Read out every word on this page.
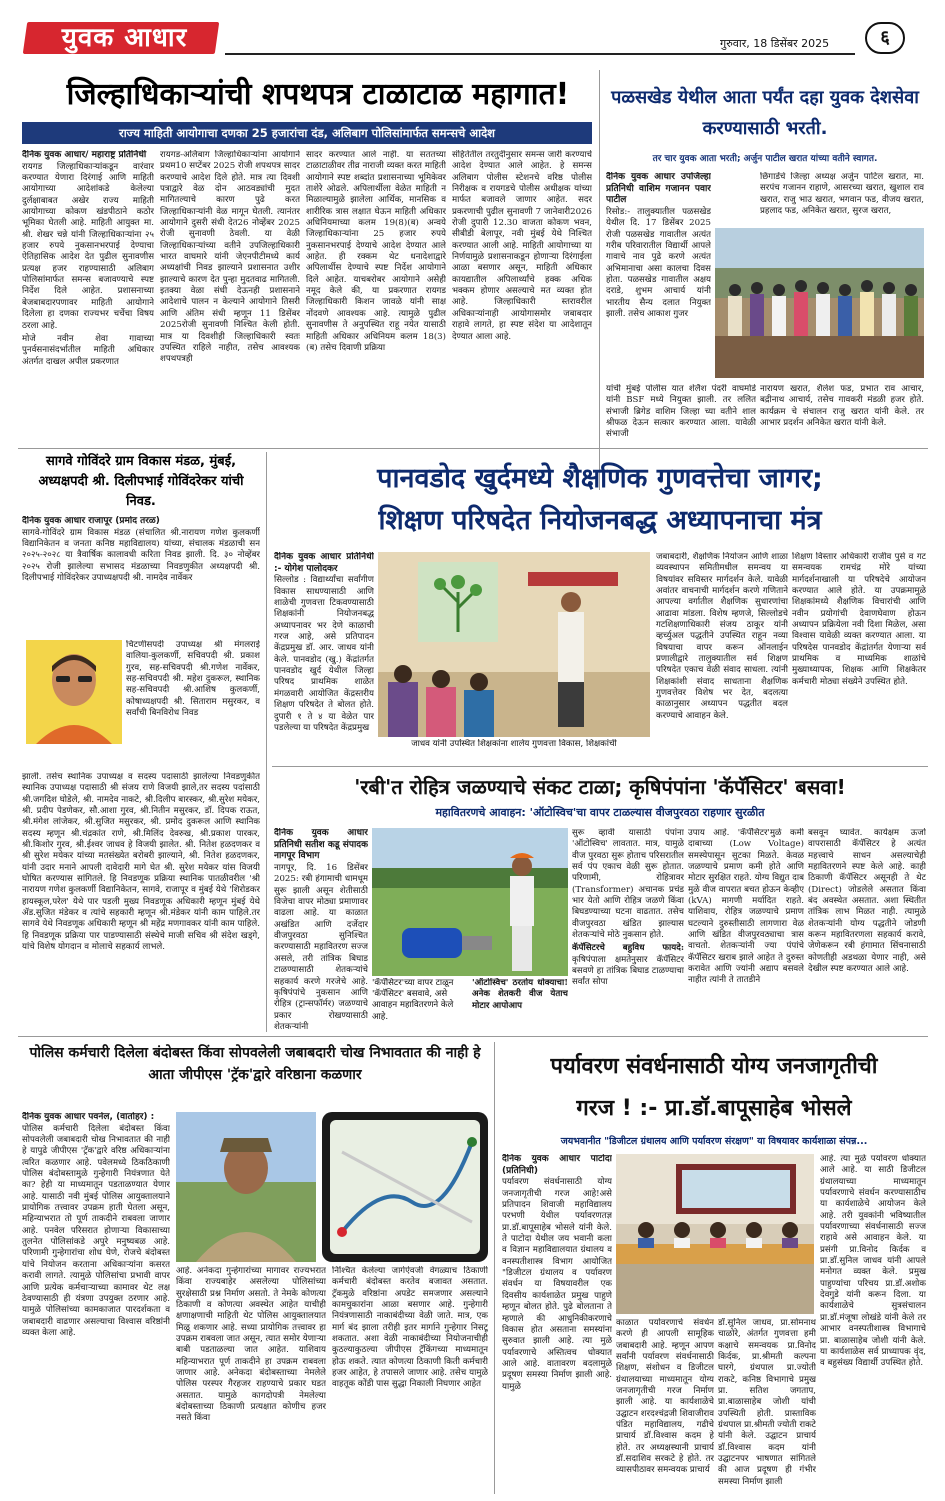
युवक आधार	गुरुवार, 18 डिसेंबर 2025	६
जिल्हाधिकाऱ्यांची शपथपत्र टाळाटाळ महागात!
राज्य माहिती आयोगाचा दणका 25 हजारांचा दंड, अलिबाग पोलिसांमार्फत समन्सचे आदेश
दैनिक युवक आधार/ महाराष्ट्र प्रतिनिधी

रायगड जिल्हाधिकाऱ्यांकडून वारंवार करण्यात येणारा दिरंगाई आणि माहिती आयोगाच्या आदेशांकडे केलेल्या दुर्लक्षाबाबत अखेर राज्य माहिती आयोगाच्या कोकण खंडपीठाने कठोर भूमिका घेतली आहे. माहिती आयुक्त मा. श्री. शेखर चन्ने यांनी जिल्हाधिकाऱ्यांना २५ हजार रुपये नुकसानभरपाई देण्याचा ऐतिहासिक आदेश देत पुढील सुनावणीस प्रत्यक्ष हजर राहण्यासाठी अलिबाग पोलिसांमार्फत समन्स बजावण्याचे स्पष्ट निर्देश दिले आहेत. प्रशासनाच्या बेजबाबदारपणावर माहिती आयोगाने दिलेला हा दणका राज्यभर चर्चेचा विषय ठरला आहे.

मोजे नवीन शेवा गावाच्या पुनर्वसनासंदर्भातील माहिती अधिकार अंतर्गत दाखल अपील प्रकरणात

रायगड-अलिबाग जिल्हाधिकाऱ्यांना आयोगाने प्रथम10 सप्टेंबर 2025 रोजी शपथपत्र सादर करण्याचे आदेश दिले होते. मात्र त्या दिवशी पत्राद्वारे वेळ दोन आठवड्यांची मुदत मागितल्याचे कारण पुढे करत जिल्हाधिकाऱ्यांनी वेळ मागून घेतली. त्यानंतर आयोगाने दुसरी संधी देत26 नोव्हेंबर 2025 रोजी सुनावणी ठेवली. या वेळी जिल्हाधिकाऱ्यांच्या वतीने उपजिल्हाधिकारी भारत वाघमारे यांनी जेएनपीटीमध्ये कार्य अध्यक्षांची निवड झाल्याने प्रशासनात उशीर झाल्याचे कारण देत पुन्हा मुदतवाढ मागितली. इतक्या वेळा संधी देऊनही प्रशासनाने आदेशाचे पालन न केल्याने आयोगाने तिसरी आणि अंतिम संधी म्हणून 11 डिसेंबर 2025रोजी सुनावणी निश्चित केली होती. मात्र या दिवशीही जिल्हाधिकारी स्वतः उपस्थित राहिले नाहीत, तसेच आवश्यक शपथपत्रही

सादर करण्यात आले नाही. या सततच्या टाळाटाळीवर तीव्र नाराजी व्यक्त करत माहिती आयोगाने स्पष्ट शब्दांत प्रशासनाच्या भूमिकेवर ताशेरे ओढले. अपिलार्थीला वेळेत माहिती न मिळाल्यामुळे झालेला आर्थिक, मानसिक व शारीरिक त्रास लक्षात घेऊन माहिती अधिकार अधिनियमाच्या कलम 19(8)(ब) अन्वये जिल्हाधिकाऱ्यांना 25 हजार रुपये नुकसानभरपाई देण्याचे आदेश देण्यात आले आहेत. ही रक्कम थेट धनादेशाद्वारे अपिलार्थीस देण्याचे स्पष्ट निर्देश आयोगाने दिले आहेत. याचबरोबर आयोगाने असेही नमूद केले की, या प्रकरणात रायगड जिल्हाधिकारी किशन जावळे यांनी साक्ष नोंदवणे आवश्यक आहे. त्यामुळे पुढील सुनावणीस ते अनुपस्थित राहू नयेत यासाठी माहिती अधिकार अधिनियम कलम 18(3)(ब) तसेच दिवाणी प्रक्रिया

संहितेतील तरतुदीनुसार समन्स जारी करण्याचे आदेश देण्यात आले आहेत. हे समन्स अलिबाग पोलीस स्टेशनचे वरिष्ठ पोलीस निरीक्षक व रायगडचे पोलीस अधीक्षक यांच्या मार्फत बजावले जाणार आहेत. सदर प्रकरणाची पुढील सुनावणी 7 जानेवारी2026 रोजी दुपारी 12.30 वाजता कोकण भवन, सीबीडी बेलापूर, नवी मुंबई येथे निश्चित करण्यात आली आहे. माहिती आयोगाच्या या निर्णयामुळे प्रशासनाकडून होणाऱ्या दिरंगाईला आळा बसणार असून, माहिती अधिकार कायद्यातील अपिलार्थ्यांचे हक्क अधिक भक्कम होणार असल्याचे मत व्यक्त होत आहे. जिल्हाधिकारी स्तरावरील अधिकाऱ्यांनाही आयोगासमोर जबाबदार राहावे लागते, हा स्पष्ट संदेश या आदेशातून देण्यात आला आहे.

पळसखेड येथील आता पर्यंत दहा युवक देशसेवा करण्यासाठी भरती.
तर चार युवक आता भरती; अर्जुन पाटील खरात यांच्या वतीने स्वागत.
दैनिक युवक आधार उपजिल्हा प्रतिनिधी वाशिम गजानन पवार पाटील

रिसोड:- तालुक्यातील पळसखेड येथील दि. 17 डिसेंबर 2025 रोजी पळसखेड गावातील अत्यंत गरीब परिवारातील विद्यार्थी आपले गावाचे नाव पुढे करणे अत्यंत अभिमानाचा असा कालचा दिवस होता. पळसखेड गावातील अक्षय दराडे, शुभम आचार्य यांनी भारतीय सैन्य दलात नियुक्त झाली. तसेच आकाश गुजर

छिंगाडेंचे जिल्हा अध्यक्ष अर्जुन पाटिल खरात, मा. सरपंच गजानन राहाणे, आसरच्या खरात, खुशाल राव खरात, राजु भाउ खरात, भगवान फड, वीजय खरात, प्रहलाद फड, अनिकेत खरात, सुरज खरात,

यांची मुंबई पोलीस यात शेलैश पंदरी वाघमोडे यांनी BSF मध्ये नियुक्त झाली. तर ललित संभाजी ब्रिगेड वाशिम जिल्हा च्या वतीने शाल श्रीफळ देऊन सत्कार करण्यात आला. यावेळी संभाजी

नारायण खरात, शैलेश फड, प्रभात राव आचार, बद्रीनाथ आचार्य, तसेच गावकरी मंडळी हजर होते. कार्यक्रम चे संचालन राजु खरात यांनी केले. तर आभार प्रदर्शन अनिकेत खरात यांनी केले.

सागवे गोविंदरे ग्राम विकास मंडळ, मुंबई, अध्यक्षपदी श्री. दिलीपभाई गोविंदरेकर यांची निवड.
दैनिक युवक आधार राजापूर (प्रमोद तरळ)

सागवे-गोविंदरे ग्राम विकास मंडळ (संचालित श्री.नारायण गणेश कुलकर्णी विद्यानिकेतन व जनता कनिष्ठ महाविद्यालय) यांच्या, संचालक मंडळाची सन २०२५-२०२८ या त्रैवार्षिक कालावधी करिता निवड झाली. दि. ३० नोव्हेंबर २०२५ रोजी झालेल्या सभासद मंडळाच्या निवडणुकीत अध्यक्षपदी श्री. दिलीपभाई गोविंदरेकर उपाध्यक्षपदी श्री. नामदेव नार्वेकर

चिटणीसपदी उपाध्यक्ष श्री मंगलराई वालिया-कुलकर्णी, सचिवपदी श्री. प्रकाश गुरव, सह-सचिवपदी श्री.गणेश नार्वेकर, सह-सचिवपदी श्री. महेश दुकरूल, स्थानिक सह-सचिवपदी श्री.आशिष कुलकर्णी, कोषाध्यक्षपदी श्री. सिताराम मसुरकर, व सर्वांची बिनविरोध निवड

झाली. तसेच स्थानिक उपाध्यक्ष व सदस्य पदासाठी झालेल्या निवडणुकीत स्थानिक उपाध्यक्ष पदासाठी श्री संजय राणे विजयी झाले,तर सदस्य पदांसाठी श्री.जगदिश घोडेले, श्री. नामदेव नाकटे, श्री.दिलीप बारस्कर, श्री.सुरेश मयेकर, श्री. प्रदीप पेडणेकर, सौ.आशा गुरव, श्री.नितीन मसुरकर, डॉ. दिपक राऊत, श्री.मंगेश लांजेकर, श्री.सुजित मसुरकर, श्री. प्रमोद दुकरूल आणि स्थानिक सदस्य म्हणून श्री.चंद्रकांत राणे, श्री.मिलिंद देवरुख, श्री.प्रकाश पारकर, श्री.किशोर गुरव, श्री.ईश्वर जाधव हे विजयी झालेत. श्री. नितेश हळदणकर व श्री सुरेश मयेकर यांच्या मतसंख्येत बरोबरी झाल्याने, श्री. नितेश हळदणकर, यांनी उदार मनाने आपली दावेदारी मागे घेत श्री. सुरेश मयेकर यांस विजयी घोषित करण्यास सांगितले. हि निवडणूक प्रक्रिया स्थानिक पातळीवरील 'श्री नारायण गणेश कुलकर्णी विद्यानिकेतन, सागवे, राजापूर व मुंबई येथे 'शिरोडकर हायस्कूल,परेल' येथे पार पडली मुख्य निवडणूक अधिकारी म्हणून मुंबई येथे ॲड.सुजित मंडेकर व त्यांचे सहकारी म्हणून श्री.मंडेकर यांनी काम पाहिले.तर सागवे येथे निवडणूक अधिकारी म्हणून श्री महेंद्र मणगावकर यांनी काम पाहिले. हि निवडणूक प्रक्रिया पार पाडण्यासाठी संस्थेचे माजी सचिव श्री संदेश खड्गे, यांचे विशेष योगदान व मोलाचे सहकार्य लाभले.

पानवडोद खुर्दमध्ये शैक्षणिक गुणवत्तेचा जागर;
शिक्षण परिषदेत नियोजनबद्ध अध्यापनाचा मंत्र
दैनिक युवक आधार प्रतिनिधी :- योगेश पालोदकर

सिल्लोड : विद्यार्थ्यांचा सर्वांगीण विकास साधण्यासाठी आणि शाळेची गुणवत्ता टिकवण्यासाठी शिक्षकांनी नियोजनबद्ध अध्यापनावर भर देणे काळाची गरज आहे, असे प्रतिपादन केंद्रप्रमुख डॉ. आर. जाधव यांनी केले. पानवडोद (खु.) केंद्रांतर्गत पानवडोद खुर्द येथील जिल्हा परिषद प्राथमिक शाळेत मंगळवारी आयोजित केंद्रस्तरीय शिक्षण परिषदेत ते बोलत होते. दुपारी १ ते ४ या वेळेत पार पडलेल्या या परिषदेत केंद्रप्रमुख

जाधव यांनी उपस्थित शिक्षकांना शालेय गुणवत्ता विकास, शिक्षकांची

जबाबदारी, शैक्षणिक नियोजन आणि शाळा व्यवस्थापन समितीमधील समन्वय या विषयांवर सविस्तर मार्गदर्शन केले. यावेळी अवांतर वाचनाची मार्गदर्शन करणे गणिताने आपल्या वर्गातील शैक्षणिक सुधारणांचा आढावा मांडला. विशेष म्हणजे, सिल्लोडचे गटशिक्षणाधिकारी संजय ठाकूर यांनी व्हर्च्युअल पद्धतीने उपस्थित राहून नव्या विषयाचा वापर करून ऑनलाईन प्रणालीद्वारे तालुक्यातील सर्व शिक्षण परिषदेत एकाच वेळी संवाद साधला. त्यांनी शिक्षकांशी संवाद साधताना शैक्षणिक गुणवत्तेवर विशेष भर देत, बदलत्या काळानुसार अध्यापन पद्धतीत बदल करण्याचे आवाहन केले.

शिक्षण विस्तार अधिकारी राजीव पुसे व गट समन्वयक रामचंद्र मोरे यांच्या मार्गदर्शनाखाली या परिषदेचे आयोजन करण्यात आले होते. या उपक्रमामुळे शिक्षकांमध्ये शैक्षणिक विचारांची आणि नवीन प्रयोगांची देवाणघेवाण होऊन अध्यापन प्रक्रियेला नवी दिशा मिळेल, असा विश्वास यावेळी व्यक्त करण्यात आला. या परिषदेस पानवडोद केंद्रांतर्गत येणाऱ्या सर्व प्राथमिक व माध्यमिक शाळांचे मुख्याध्यापक, शिक्षक आणि शिक्षकेतर कर्मचारी मोठ्या संख्येने उपस्थित होते.

'रबी'त रोहित्र जळण्याचे संकट टाळा; कृषिपंपांना 'कॅपॅसिटर' बसवा!
महावितरणचे आवाहन: 'ऑटोस्विच'चा वापर टाळल्यास वीजपुरवठा राहणार सुरळीत
दैनिक युवक आधार प्रतिनिधी सतीश कडू संपादक नागपूर विभाग

नागपूर, दि. 16 डिसेंबर 2025: रबी हंगामाची धामधूम सुरू झाली असून शेतीसाठी विजेचा वापर मोठ्या प्रमाणावर वाढला आहे. या काळात अखंडित आणि दर्जेदार वीजपुरवठा सुनिश्चित करण्यासाठी महावितरण सज्ज असले, तरी तांत्रिक बिघाड टाळण्यासाठी शेतकऱ्यांचे सहकार्य करणे गरजेचे आहे. कृषिपंपांचे नुकसान आणि रोहित्र (ट्रान्सफॉर्मर) जळण्याचे प्रकार रोखण्यासाठी शेतकऱ्यांनी

'कॅपॅसिटर'च्या वापर टाळून 'कॅपॅसिटर' बसवावे, असे आवाहन महावितरणने केले आहे.

'ऑटोस्विच' ठरतोय धोक्याचा! अनेक शेतकरी वीज येताच मोटार आपोआप

सुरू व्हावी यासाठी पंपांना 'ऑटोस्विच' लावतात. मात्र, यामुळे वीज पुरवठा सुरू होताच परिसरातील सर्व पंप एकाच वेळी सुरू होतात. परिणामी, रोहित्रावर (Transformer) अचानक प्रचंड भार येतो आणि रोहित्र जळणे किंवा बिघडण्याच्या घटना वाढतात. तसेच वीजपुरवठा खंडित झाल्यास शेतकऱ्यांचे मोठे नुकसान होते.

कॅपॅसिटरचे बहुविध फायदे: कृषिपंपाला क्षमतेनुसार कॅपॅसिटर बसवणे हा तांत्रिक बिघाड टाळण्याचा सर्वांत सोपा

उपाय आहे. 'कॅपॅसिटर'मुळे कमी दाबाच्या (Low Voltage) समस्येपासून सुटका मिळते. केवळ जळण्याचे प्रमाण कमी होते आणि मोटार सुरक्षित राहते. योग्य विद्युत दाब मुळे वीज वापरात बचत होऊन केव्हीए (kVA) मागणी मर्यादित राहते. याशिवाय, रोहित्र जळण्याचे प्रमाण घटल्याने दुरुस्तीसाठी लागणारा वेळ आणि खंडित वीजपुरवठ्याचा त्रास वाचतो. शेतकऱ्यांनी ज्या पंपांचे कॅपॅसिटर खराब झाले आहेत ते दुरुस्त करावेत आणि ज्यांनी अद्याप बसवले नाहीत त्यांनी ते तातडीने

बसवून घ्यावेत. कार्यक्षम ऊर्जा वापरासाठी कॅपॅसिटर हे अत्यंत महत्त्वाचे साधन असल्याचेही महावितरणने स्पष्ट केले आहे. काही ठिकाणी कॅपॅसिटर असूनही ते थेट (Direct) जोडलेले असतात किंवा बंद अवस्थेत असतात. अशा स्थितीत तांत्रिक लाभ मिळत नाही. त्यामुळे शेतकऱ्यांनी योग्य पद्धतीने जोडणी करून महावितरणला सहकार्य करावे, जेणेकरून रबी हंगामात सिंचनासाठी कोणतीही अडथळा येणार नाही, असे देखील स्पष्ट करण्यात आले आहे.

पोलिस कर्मचारी दिलेला बंदोबस्त किंवा सोपवलेली जबाबदारी चोख निभावतात की नाही हे आता जीपीएस 'ट्रॅक'द्वारे वरिष्ठाना कळणार
दैनिक युवक आधार पवनेल, (वार्ताहर) :

पोलिस कर्मचारी दिलेला बंदोबस्त किंवा सोपवलेली जबाबदारी चोख निभावतात की नाही हे यापुढे जीपीएस 'ट्रॅक'द्वारे वरिष्ठ अधिकाऱ्यांना त्वरित कळणार आहे. पवेलमध्ये ठिकठिकाणी पोलिस बंदोबस्तामुळे गुन्हेगारी नियंत्रणात येते का? हेही या माध्यमातून पडताळण्यात येणार आहे. यासाठी नवी मुंबई पोलिस आयुक्तालयाने प्रायोगिक तत्त्वावर उपक्रम हाती घेतला असून, महिन्याभरात तो पूर्ण ताकदीने राबवला जाणार आहे. पनवेल परिसरात होणाऱ्या विकासाच्या तुलनेत पोलिसांकडे अपुरे मनुष्यबळ आहे. परिणामी गुन्हेगारांचा शोध घेणे, रोजचे बंदोबस्त यांचे नियोजन करताना अधिकाऱ्यांना कसरत करावी लागते. त्यामुळे पोलिसांचा प्रभावी वापर आणि प्रत्येक कर्मचाऱ्याच्या कामावर थेट लक्ष ठेवण्यासाठी ही यंत्रणा उपयुक्त ठरणार आहे. यामुळे पोलिसांच्या कामकाजात पारदर्शकता व जबाबदारी वाढणार असल्याचा विश्वास वरिष्ठांनी व्यक्त केला आहे.

आहे. अनेकदा गुन्हेगारांच्या मागावर राज्यभरात किंवा राज्यबाहेर असलेल्या पोलिसांच्या सुरक्षेसाठी प्रश्न निर्माण असतो. ते नेमके कोणत्या ठिकाणी व कोणत्या अवस्थेत आहेत याचीही क्षणाक्षणाची माहिती थेट पोलिस आयुक्तालयात मिळू शकणार आहे. सध्या प्रायोगिक तत्त्वावर हा उपक्रम राबवला जात असून, त्यात समोर येणाऱ्या बाबी पडताळल्या जात आहेत. याशिवाय महिन्याभरात पूर्ण ताकदीने हा उपक्रम राबवला जाणार आहे. अनेकदा बंदोबस्ताच्या नेमलेले पोलिस परस्पर गैरहजर राहण्याचे प्रकार घडत असतात. यामुळे कागदोपत्री नेमलेल्या बंदोबस्ताच्या ठिकाणी प्रत्यक्षात कोणीच हजर नसते किंवा

निश्चित केलेल्या जागेऐवजी वेगळ्याच ठिकाणी कर्मचारी बंदोबस्त करतेव बजावत असतात. ट्रॅकमुळे वरिष्ठांना अपडेट समजणार असल्याने कामचुकारांना आळा बसणार आहे. गुन्हेगारी नियंत्रणासाठी नाकाबंदीच्या वेळी जाते. मात्र, एक मार्ग बंद झाला तरीही इतर मार्गाने गुन्हेगार निसटू शकतात. अशा वेळी नाकाबंदीच्या नियोजनाचीही कुठल्याकुठल्या जीपीएस ट्रॅकिंगच्या माध्यमातून होऊ शकते. त्यात कोणत्या ठिकाणी किती कर्मचारी हजर आहेत, हे तपासले जाणार आहे. तसेच यामुळे वाहतूक कोंडी पास सुद्धा निकाली निघणार आहेत

पर्यावरण संवर्धनासाठी योग्य जनजागृतीची
गरज ! :- प्रा.डॉ.बापूसाहेब भोसले
जयभवानीत "डिजीटल ग्रंथालय आणि पर्यावरण संरक्षण" या विषयावर कार्यशाळा संपन्न...
दैनिक युवक आधार पाटोदा (प्रतिनिधी)

पर्यावरण संवर्धनासाठी योग्य जनजागृतीची गरज आहे!असे प्रतिपादन शिवाजी महाविद्यालय परभणी येथील पर्यावरणतज्ञ प्रा.डॉ.बापूसाहेब भोसले यांनी केले. ते पाटोदा येथील जय भवानी कला व विज्ञान महाविद्यालयात ग्रंथालय व वनस्पतीशास्त्र विभाग आयोजित "डिजीटल ग्रंथालय व पर्यावरण संवर्धन या विषयावरील एक दिवसीय कार्यशाळेत प्रमुख पाहुणे म्हणून बोलत होते. पुढे बोलताना ते म्हणाले की आधुनिकीकरणाचे विकास होत असताना समस्यांना सुरुवात झाली आहे. त्या मुळे पर्यावरणाचे अस्तित्वच धोक्यात आले आहे. वातावरण बदलामुळे प्रदूषण समस्या निर्माण झाली आहे. यामुळे

काळात पर्यावरणाचे संवर्धन करणे ही आपली सामूहिक जबाबदारी आहे. म्हणून आपण सर्वांनी पर्यावरण संवर्धनासाठी शिक्षण, संशोधन व डिजीटल ग्रंथालयाच्या माध्यमातून योग्य जनजागृतीची गरज निर्माण झाली आहे. या कार्यशाळेचे उद्घाटन शरदश्चंद्रजी शिवाजीराव पंडित महाविद्यालय, गढीचे प्राचार्य डॉ.विश्वास कदम हे होते. तर अध्यक्षस्थानी प्राचार्य डॉ.सदाशिव सरकटे हे होते. तर व्यासपीठावर समन्वयक प्राचार्य

डॉ.सुनिल जाधव, प्रा.सोमनाथ चाळोरे, अंतर्गत गुणवत्ता हमी कक्षाचे समन्वयक प्रा.विनोद किर्दक, प्रा.श्रीमती कल्पना घारगे, ग्रंथपाल प्रा.ज्योती राकटे, कनिष्ठ विभागाचे प्रमुख प्रा. सतिश जगताप, प्रा.बाळासाहेब जोशी यांची उपस्थिती होती. प्रास्ताविक ग्रंथपाल प्रा.श्रीमती ज्योती राकटे यांनी केले. उद्घाटन प्राचार्य डॉ.विश्वास कदम यांनी उद्घाटनपर भाषणात सांगितले की आज प्रदूषण ही गंभीर समस्या निर्माण झाली

आहे. त्या मुळे पर्यावरण धोक्यात आले आहे. या साठी डिजीटल ग्रंथालयाच्या माध्यमातून पर्यावरणाचे संवर्धन करण्यासाठीच या कार्यशाळेचे आयोजन केले आहे. तरी युवकांनी भविष्यातील पर्यावरणाच्या संवर्धनासाठी सज्ज राहावे असे आवाहन केले. या प्रसंगी प्रा.विनोद किर्दक व प्रा.डॉ.सुनिल जाधव यांनी आपले मनोगत व्यक्त केले. प्रमुख पाहुण्यांचा परिचय प्रा.डॉ.अशोक देवगुडे यांनी करून दिला. या कार्यशाळेचे सुत्रसंचालन प्रा.डॉ.मंजूषा लोखंडे यांनी केले तर आभार वनस्पतीशास्त्र विभागाचे प्रा. बाळासाहेब जोशी यांनी केले. या कार्यशाळेस सर्व प्राध्यापक वृंद, व बहुसंख्य विद्यार्थी उपस्थित होते.
